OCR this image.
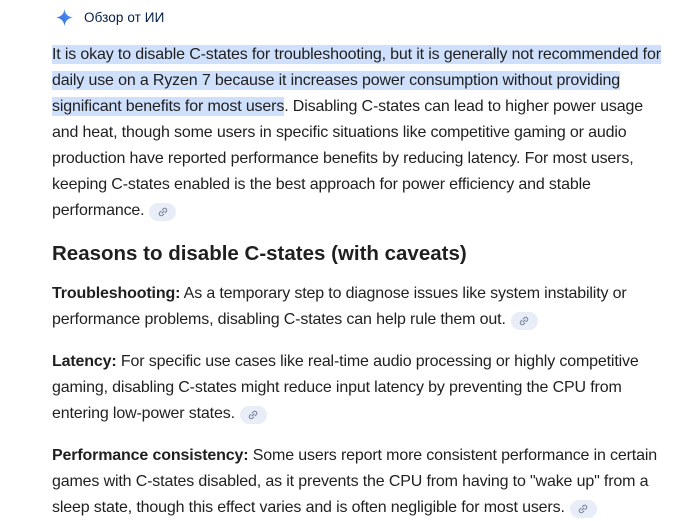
Обзор от ИИ

It is okay to disable C-states for troubleshooting, but it is generally not recommended for daily use on a Ryzen 7 because it increases power consumption without providing significant benefits for most users. Disabling C-states can lead to higher power usage and heat, though some users in specific situations like competitive gaming or audio production have reported performance benefits by reducing latency. For most users, keeping C-states enabled is the best approach for power efficiency and stable performance.

Reasons to disable C-states (with caveats)

Troubleshooting: As a temporary step to diagnose issues like system instability or performance problems, disabling C-states can help rule them out.

Latency: For specific use cases like real-time audio processing or highly competitive gaming, disabling C-states might reduce input latency by preventing the CPU from entering low-power states.

Performance consistency: Some users report more consistent performance in certain games with C-states disabled, as it prevents the CPU from having to "wake up" from a sleep state, though this effect varies and is often negligible for most users.
